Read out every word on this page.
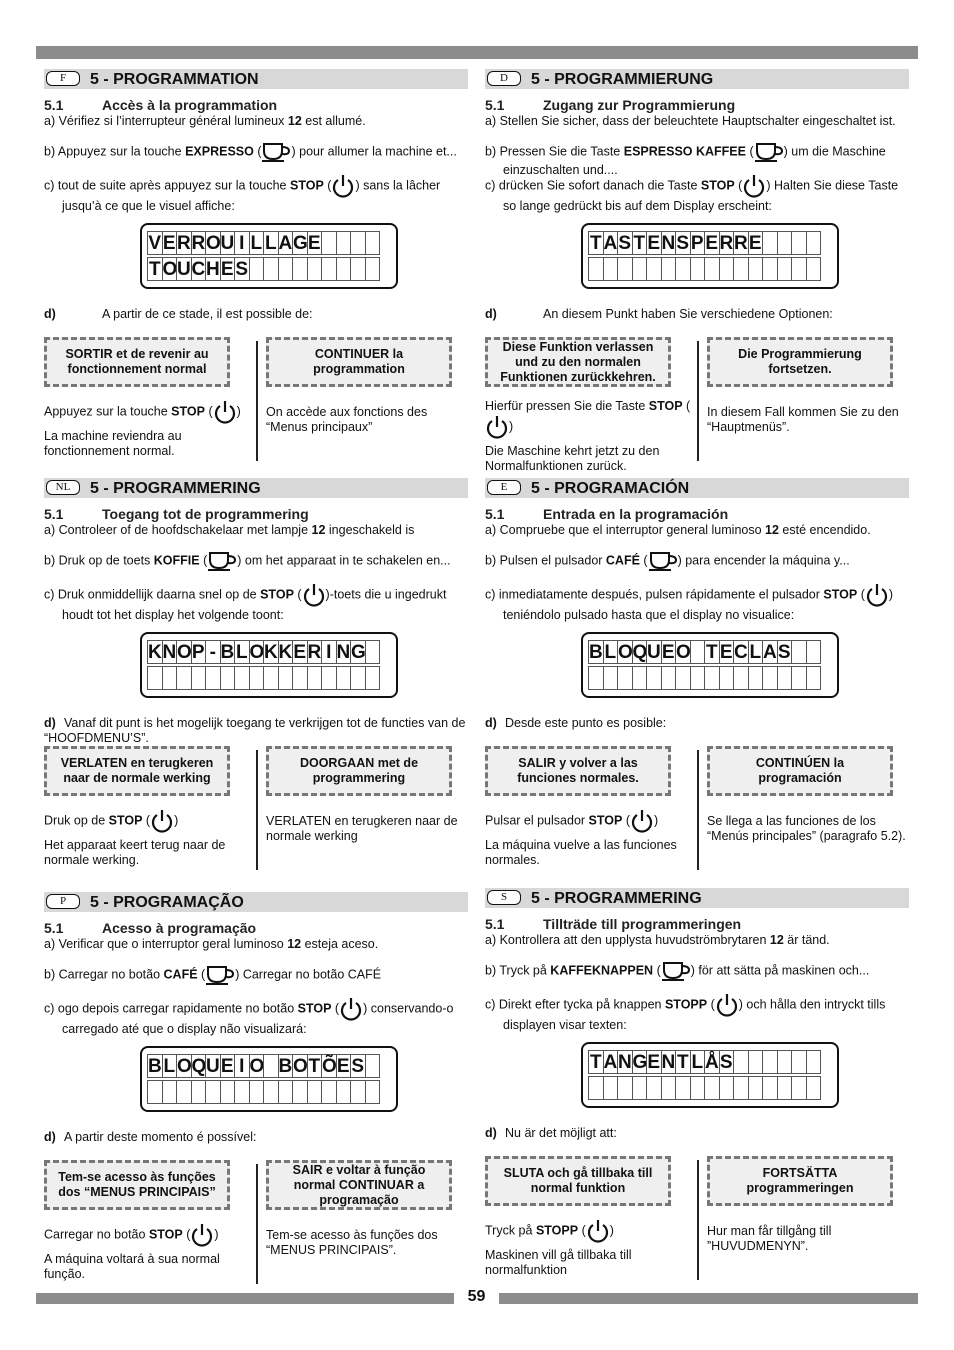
F	5 - PROGRAMMATION
5.1	Accès à la programmation
a) Vérifiez si l’interrupteur général lumineux 12 est allumé.
b) Appuyez sur la touche EXPRESSO ( ) pour allumer la machine et...
c) tout de suite après appuyez sur la touche STOP ( ) sans la lâcher jusqu’à ce que le visuel affiche:
V E R R O U I L L A G E
T O U C H E S
d)	A partir de ce stade, il est possible de:
SORTIR et de revenir au fonctionnement normal
CONTINUER la programmation
Appuyez sur la touche STOP ( )
La machine reviendra au fonctionnement normal.
On accède aux fonctions des “Menus principaux”
D	5 - PROGRAMMIERUNG
5.1	Zugang zur Programmierung
a) Stellen Sie sicher, dass der beleuchtete Hauptschalter eingeschaltet ist.
b) Pressen Sie die Taste ESPRESSO KAFFEE ( ) um die Maschine einzuschalten und....
c) drücken Sie sofort danach die Taste STOP ( ) Halten Sie diese Taste so lange gedrückt bis auf dem Display erscheint:
T A S T E N S P E R R E
d)	An diesem Punkt haben Sie verschiedene Optionen:
Diese Funktion verlassen und zu den normalen Funktionen zurückkehren.
Die Programmierung fortsetzen.
Hierfür pressen Sie die Taste STOP (
)
Die Maschine kehrt jetzt zu den Normalfunktionen zurück.
In diesem Fall kommen Sie zu den “Hauptmenüs”.
NL	5 - PROGRAMMERING
5.1	Toegang tot de programmering
a) Controleer of de hoofdschakelaar met lampje 12 ingeschakeld is
b) Druk op de toets KOFFIE ( ) om het apparaat in te schakelen en...
c) Druk onmiddellijk daarna snel op de STOP ( )-toets die u ingedrukt houdt tot het display het volgende toont:
K N O P - B L O K K E R I N G
d) Vanaf dit punt is het mogelijk toegang te verkrijgen tot de functies van de “HOOFDMENU’S”.
VERLATEN en terugkeren naar de normale werking
DOORGAAN met de programmering
Druk op de STOP ( )
Het apparaat keert terug naar de normale werking.
VERLATEN en terugkeren naar de normale werking
E	5 - PROGRAMACIÓN
5.1	Entrada en la programación
a) Compruebe que el interruptor general luminoso 12 esté encendido.
b) Pulsen el pulsador CAFÉ ( ) para encender la máquina y...
c) inmediatamente después, pulsen rápidamente el pulsador STOP ( ) teniéndolo pulsado hasta que el display no visualice:
B L O Q U E O T E C L A S
d) Desde este punto es posible:
SALIR y volver a las funciones normales.
CONTINÚEN la programación
Pulsar el pulsador STOP ( )
La máquina vuelve a las funciones normales.
Se llega a las funciones de los “Menús principales” (paragrafo 5.2).
P	5 - PROGRAMAÇÃO
5.1	Acesso à programação
a) Verificar que o interruptor geral luminoso 12 esteja aceso.
b) Carregar no botão CAFÉ ( ) Carregar no botão CAFÉ
c) ogo depois carregar rapidamente no botão STOP ( ) conservando-o carregado até que o display não visualizará:
B L O Q U E I O B O T Õ E S
d) A partir deste momento é possível:
Tem-se acesso às funções dos “MENUS PRINCIPAIS”
SAIR e voltar à função normal CONTINUAR a programação
Carregar no botão STOP ( )
A máquina voltará à sua normal função.
Tem-se acesso às funções dos “MENUS PRINCIPAIS”.
S	5 - PROGRAMMERING
5.1	Tillträde till programmeringen
a) Kontrollera att den upplysta huvudströmbrytaren 12 är tänd.
b) Tryck på KAFFEKNAPPEN ( ) för att sätta på maskinen och...
c) Direkt efter tycka på knappen STOPP ( ) och hålla den intryckt tills displayen visar texten:
T A N G E N T L Å S
d) Nu är det möjligt att:
SLUTA och gå tillbaka till normal funktion
FORTSÄTTA programmeringen
Tryck på STOPP ( )
Maskinen vill gå tillbaka till normalfunktion
Hur man får tillgång till ”HUVUDMENYN”.
59
